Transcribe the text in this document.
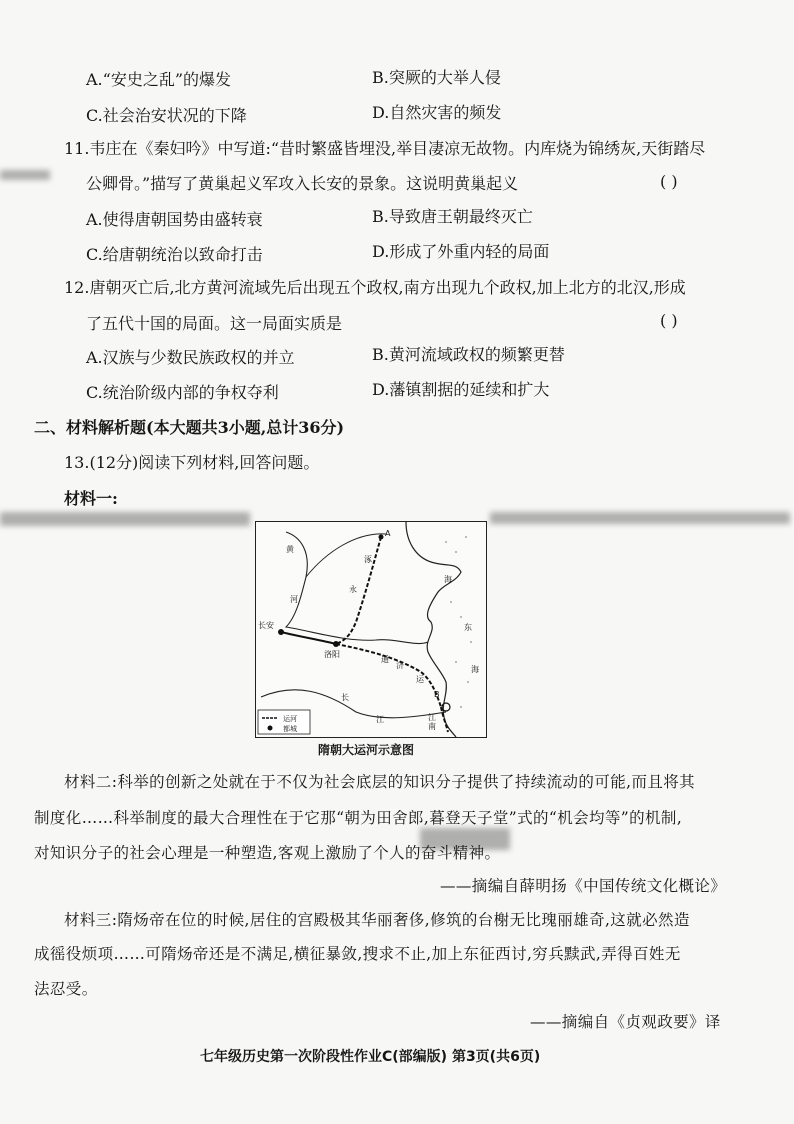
A.“安史之乱”的爆发	B.突厥的大举人侵
C.社会治安状况的下降	D.自然灾害的频发
11.韦庄在《秦妇吟》中写道:“昔时繁盛皆埋没,举目凄凉无故物。内库烧为锦绣灰,天街踏尽
公卿骨。”描写了黄巢起义军攻入长安的景象。这说明黄巢起义	( )
A.使得唐朝国势由盛转衰	B.导致唐王朝最终灭亡
C.给唐朝统治以致命打击	D.形成了外重内轻的局面
12.唐朝灭亡后,北方黄河流域先后出现五个政权,南方出现九个政权,加上北方的北汉,形成
了五代十国的局面。这一局面实质是	( )
A.汉族与少数民族政权的并立	B.黄河流域政权的频繁更替
C.统治阶级内部的争权夺利	D.藩镇割据的延续和扩大
二、材料解析题(本大题共3小题,总计36分)
13.(12分)阅读下列材料,回答问题。
材料一:
A
B
长安
洛阳
东
海
海
黄
河
长
江
涿
永
通
济
江
南
运
运河
都城
隋朝大运河示意图
材料二:科举的创新之处就在于不仅为社会底层的知识分子提供了持续流动的可能,而且将其
制度化……科举制度的最大合理性在于它那“朝为田舍郎,暮登天子堂”式的“机会均等”的机制,
对知识分子的社会心理是一种塑造,客观上激励了个人的奋斗精神。
——摘编自薛明扬《中国传统文化概论》
材料三:隋炀帝在位的时候,居住的宫殿极其华丽奢侈,修筑的台榭无比瑰丽雄奇,这就必然造
成徭役烦项……可隋炀帝还是不满足,横征暴敛,搜求不止,加上东征西讨,穷兵黩武,弄得百姓无
法忍受。
——摘编自《贞观政要》译
七年级历史第一次阶段性作业C(部编版) 第3页(共6页)
